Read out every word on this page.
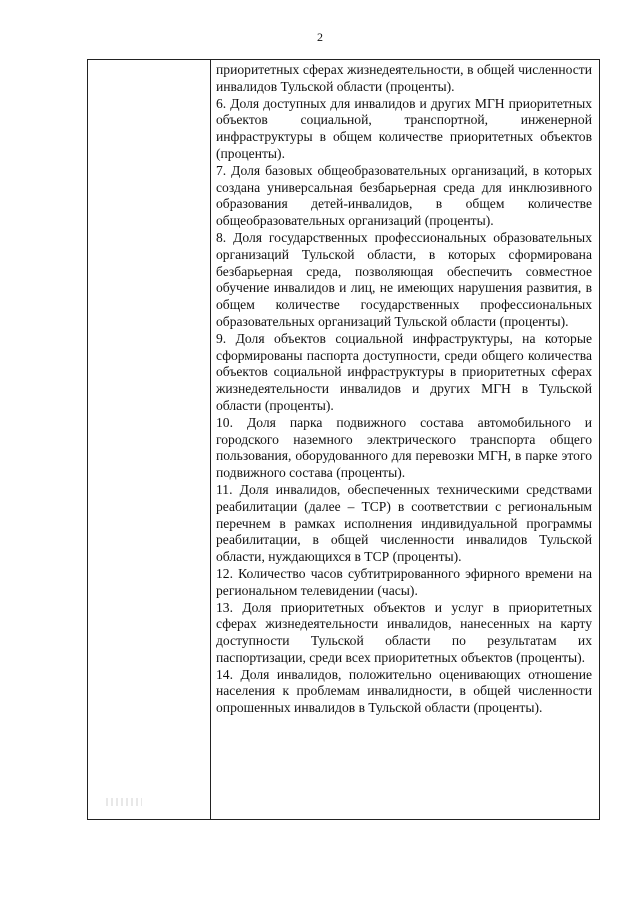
2

приоритетных сферах жизнедеятельности, в общей численности инвалидов Тульской области (проценты).

6. Доля доступных для инвалидов и других МГН приоритетных объектов социальной, транспортной, инженерной инфраструктуры в общем количестве приоритетных объектов (проценты).

7. Доля базовых общеобразовательных организаций, в которых создана универсальная безбарьерная среда для инклюзивного образования детей-инвалидов, в общем количестве общеобразовательных организаций (проценты).

8. Доля государственных профессиональных образовательных организаций Тульской области, в которых сформирована безбарьерная среда, позволяющая обеспечить совместное обучение инвалидов и лиц, не имеющих нарушения развития, в общем количестве государственных профессиональных образовательных организаций Тульской области (проценты).

9. Доля объектов социальной инфраструктуры, на которые сформированы паспорта доступности, среди общего количества объектов социальной инфраструктуры в приоритетных сферах жизнедеятельности инвалидов и других МГН в Тульской области (проценты).

10. Доля парка подвижного состава автомобильного и городского наземного электрического транспорта общего пользования, оборудованного для перевозки МГН, в парке этого подвижного состава (проценты).

11. Доля инвалидов, обеспеченных техническими средствами реабилитации (далее – ТСР) в соответствии с региональным перечнем в рамках исполнения индивидуальной программы реабилитации, в общей численности инвалидов Тульской области, нуждающихся в ТСР (проценты).

12. Количество часов субтитрированного эфирного времени на региональном телевидении (часы).

13. Доля приоритетных объектов и услуг в приоритетных сферах жизнедеятельности инвалидов, нанесенных на карту доступности Тульской области по результатам их паспортизации, среди всех приоритетных объектов (проценты).

14. Доля инвалидов, положительно оценивающих отношение населения к проблемам инвалидности, в общей численности опрошенных инвалидов в Тульской области (проценты).
